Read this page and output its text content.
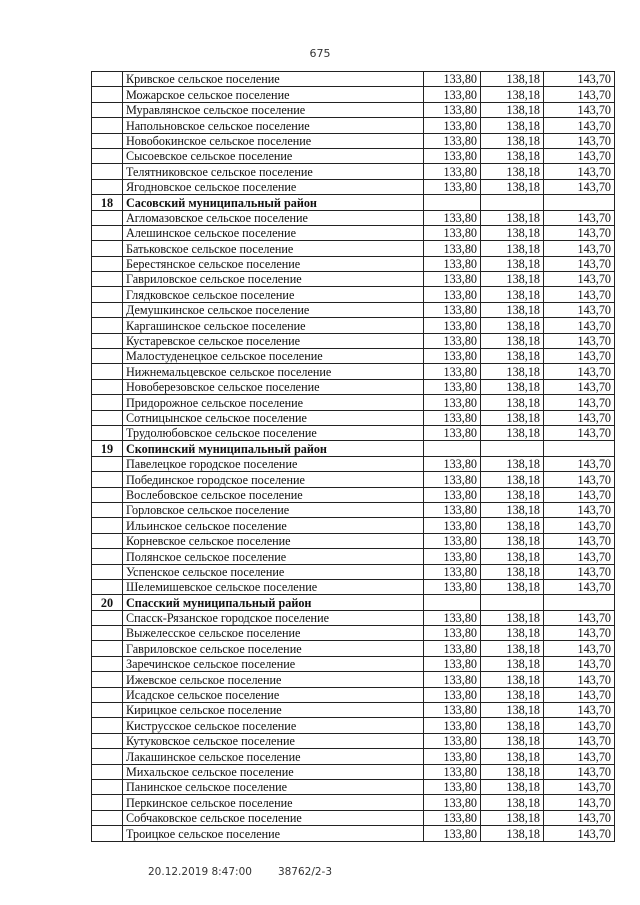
675
	Кривское сельское поселение	133,80	138,18	143,70
	Можарское сельское поселение	133,80	138,18	143,70
	Муравлянское сельское поселение	133,80	138,18	143,70
	Напольновское сельское поселение	133,80	138,18	143,70
	Новобокинское сельское поселение	133,80	138,18	143,70
	Сысоевское сельское поселение	133,80	138,18	143,70
	Телятниковское сельское поселение	133,80	138,18	143,70
	Ягодновское сельское поселение	133,80	138,18	143,70
18	Сасовский муниципальный район			
	Агломазовское сельское поселение	133,80	138,18	143,70
	Алешинское сельское поселение	133,80	138,18	143,70
	Батьковское сельское поселение	133,80	138,18	143,70
	Берестянское сельское поселение	133,80	138,18	143,70
	Гавриловское сельское поселение	133,80	138,18	143,70
	Глядковское сельское поселение	133,80	138,18	143,70
	Демушкинское сельское поселение	133,80	138,18	143,70
	Каргашинское сельское поселение	133,80	138,18	143,70
	Кустаревское сельское поселение	133,80	138,18	143,70
	Малостуденецкое сельское поселение	133,80	138,18	143,70
	Нижнемальцевское сельское поселение	133,80	138,18	143,70
	Новоберезовское сельское поселение	133,80	138,18	143,70
	Придорожное сельское поселение	133,80	138,18	143,70
	Сотницынское сельское поселение	133,80	138,18	143,70
	Трудолюбовское сельское поселение	133,80	138,18	143,70
19	Скопинский муниципальный район			
	Павелецкое городское поселение	133,80	138,18	143,70
	Побединское городское поселение	133,80	138,18	143,70
	Вослебовское сельское поселение	133,80	138,18	143,70
	Горловское сельское поселение	133,80	138,18	143,70
	Ильинское сельское поселение	133,80	138,18	143,70
	Корневское сельское поселение	133,80	138,18	143,70
	Полянское сельское поселение	133,80	138,18	143,70
	Успенское сельское поселение	133,80	138,18	143,70
	Шелемишевское сельское поселение	133,80	138,18	143,70
20	Спасский муниципальный район			
	Спасск-Рязанское городское поселение	133,80	138,18	143,70
	Выжелесское сельское поселение	133,80	138,18	143,70
	Гавриловское сельское поселение	133,80	138,18	143,70
	Заречинское сельское поселение	133,80	138,18	143,70
	Ижевское сельское поселение	133,80	138,18	143,70
	Исадское сельское поселение	133,80	138,18	143,70
	Кирицкое сельское поселение	133,80	138,18	143,70
	Киструсское сельское поселение	133,80	138,18	143,70
	Кутуковское сельское поселение	133,80	138,18	143,70
	Лакашинское сельское поселение	133,80	138,18	143,70
	Михальское сельское поселение	133,80	138,18	143,70
	Панинское сельское поселение	133,80	138,18	143,70
	Перкинское сельское поселение	133,80	138,18	143,70
	Собчаковское сельское поселение	133,80	138,18	143,70
	Троицкое сельское поселение	133,80	138,18	143,70
20.12.2019 8:47:00 38762/2-3
